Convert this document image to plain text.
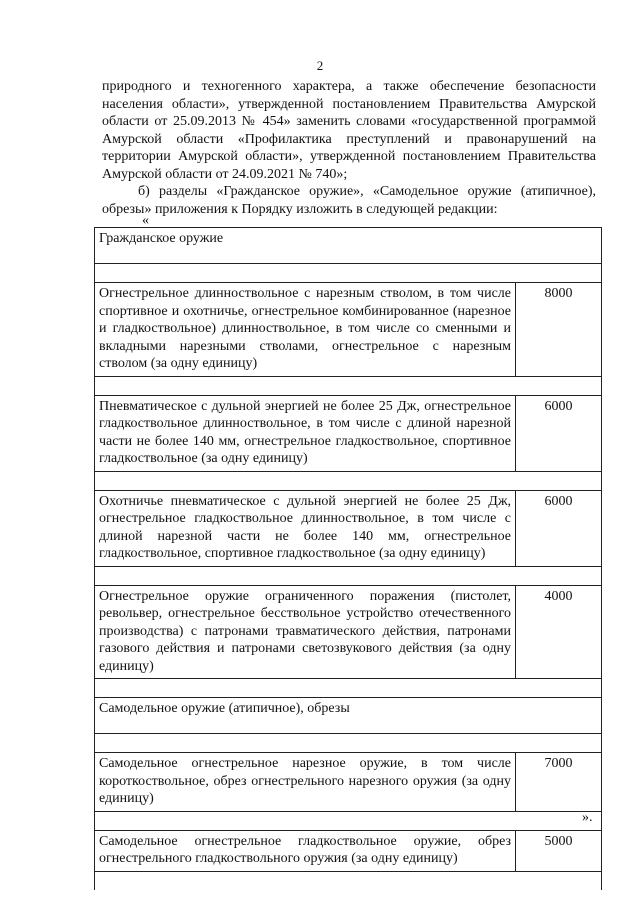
2

природного и техногенного характера, а также обеспечение безопасности населения области», утвержденной постановлением Правительства Амурской области от 25.09.2013 № 454» заменить словами «государственной программой Амурской области «Профилактика преступлений и правонарушений на территории Амурской области», утвержденной постановлением Правительства Амурской области от 24.09.2021 № 740»;

б) разделы «Гражданское оружие», «Самодельное оружие (атипичное), обрезы» приложения к Порядку изложить в следующей редакции:

«
Гражданское оружие	

Огнестрельное длинноствольное с нарезным стволом, в том числе спортивное и охотничье, огнестрельное комбинированное (нарезное и гладкоствольное) длинноствольное, в том числе со сменными и вкладными нарезными стволами, огнестрельное с нарезным стволом (за одну единицу)	8000

Пневматическое с дульной энергией не более 25 Дж, огнестрельное гладкоствольное длинноствольное, в том числе с длиной нарезной части не более 140 мм, огнестрельное гладкоствольное, спортивное гладкоствольное (за одну единицу)	6000

Охотничье пневматическое с дульной энергией не более 25 Дж, огнестрельное гладкоствольное длинноствольное, в том числе с длиной нарезной части не более 140 мм, огнестрельное гладкоствольное, спортивное гладкоствольное (за одну единицу)	6000

Огнестрельное оружие ограниченного поражения (пистолет, револьвер, огнестрельное бесствольное устройство отечественного производства) с патронами травматического действия, патронами газового действия и патронами светозвукового действия (за одну единицу)	4000

Самодельное оружие (атипичное), обрезы	

Самодельное огнестрельное нарезное оружие, в том числе короткоствольное, обрез огнестрельного нарезного оружия (за одну единицу)	7000

Самодельное огнестрельное гладкоствольное оружие, обрез огнестрельного гладкоствольного оружия (за одну единицу)	5000

».
